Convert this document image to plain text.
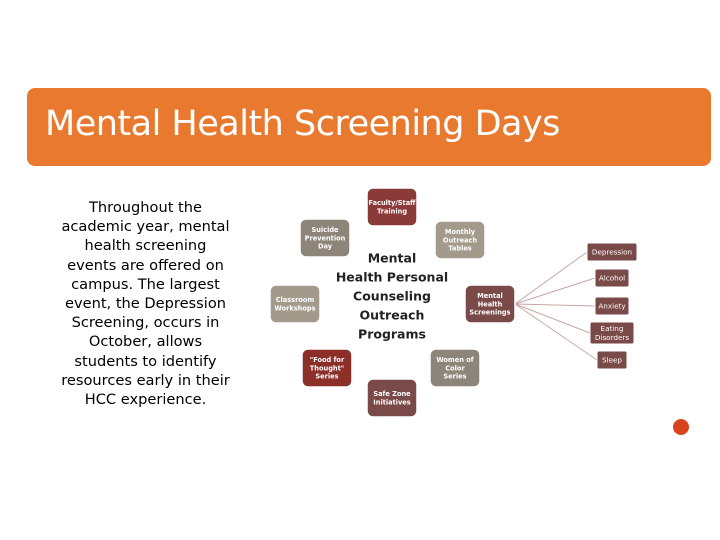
Mental Health Screening Days
Throughout the academic year, mental health screening events are offered on campus. The largest event, the Depression Screening, occurs in October, allows students to identify resources early in their HCC experience.
Mental
Health Personal
Counseling
Outreach
Programs
Faculty/Staff
Training
Monthly
Outreach
Tables
Mental
Health
Screenings
Women of
Color
Series
Safe Zone
Initiatives
"Food for
Thought"
Series
Classroom
Workshops
Suicide
Prevention
Day
Depression
Alcohol
Anxiety
Eating
Disorders
Sleep
